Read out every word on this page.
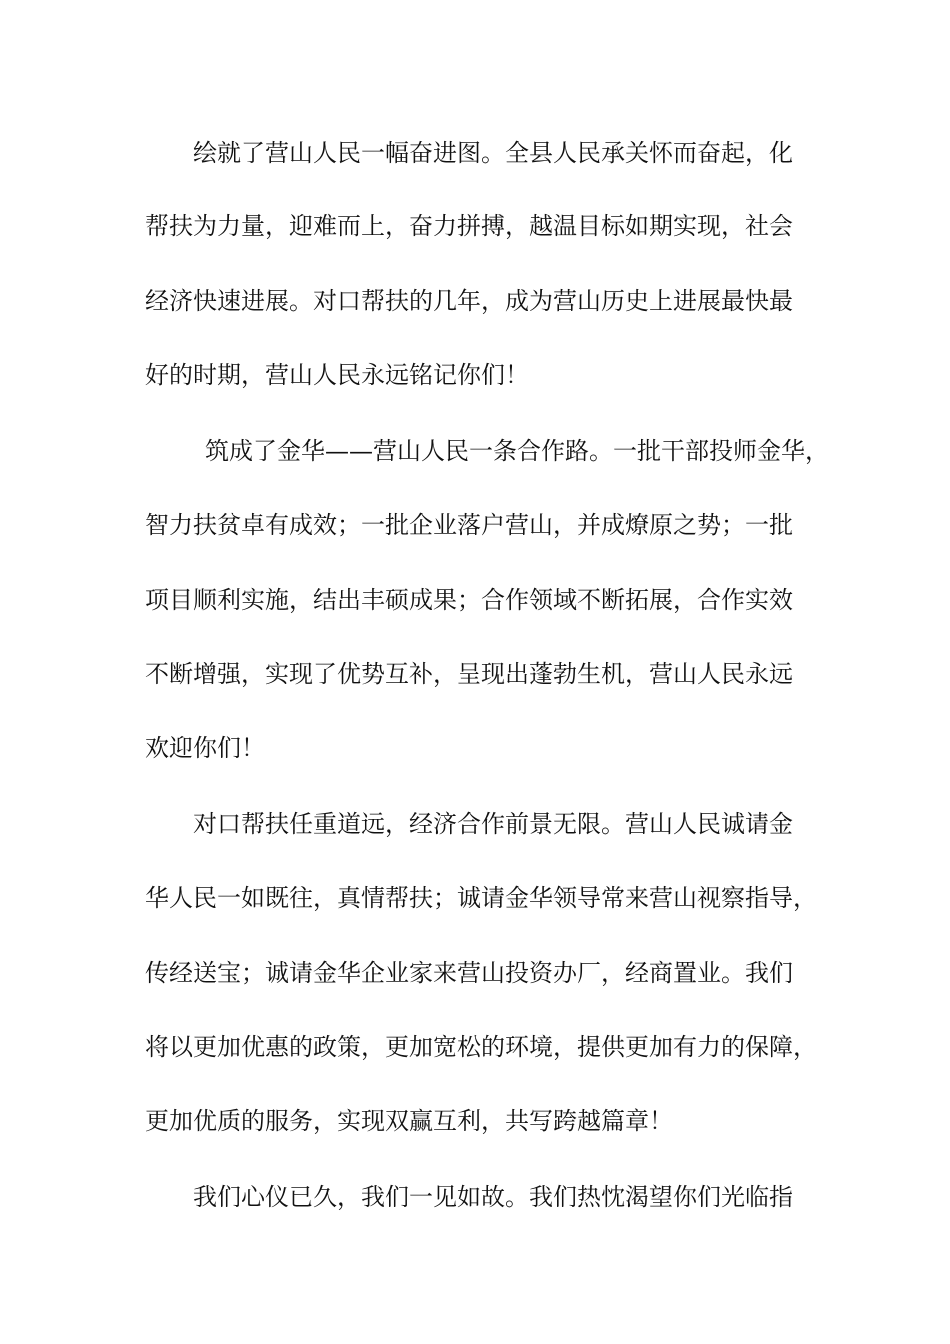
绘就了营山人民一幅奋进图。全县人民承关怀而奋起，化
帮扶为力量，迎难而上，奋力拼搏，越温目标如期实现，社会
经济快速进展。对口帮扶的几年，成为营山历史上进展最快最
好的时期，营山人民永远铭记你们！
筑成了金华——营山人民一条合作路。一批干部投师金华，
智力扶贫卓有成效；一批企业落户营山，并成燎原之势；一批
项目顺利实施，结出丰硕成果；合作领域不断拓展，合作实效
不断增强，实现了优势互补，呈现出蓬勃生机，营山人民永远
欢迎你们！
对口帮扶任重道远，经济合作前景无限。营山人民诚请金
华人民一如既往，真情帮扶；诚请金华领导常来营山视察指导，
传经送宝；诚请金华企业家来营山投资办厂，经商置业。我们
将以更加优惠的政策，更加宽松的环境，提供更加有力的保障，
更加优质的服务，实现双赢互利，共写跨越篇章！
我们心仪已久，我们一见如故。我们热忱渴望你们光临指
